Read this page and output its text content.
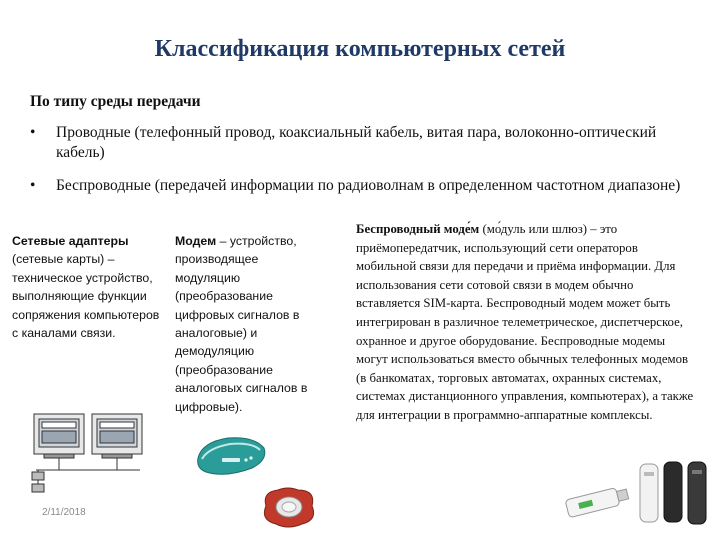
Классификация компьютерных сетей
По типу среды передачи
• Проводные (телефонный провод, коаксиальный кабель, витая пара, волоконно-оптический кабель)
• Беспроводные (передачей информации по радиоволнам в определенном частотном диапазоне)
Сетевые адаптеры (сетевые карты) – техническое устройство, выполняющие функции сопряжения компьютеров с каналами связи.
Модем – устройство, производящее модуляцию (преобразование цифровых сигналов в аналоговые) и демодуляцию (преобразование аналоговых сигналов в цифровые).
Беспроводный моде́м (мо́дуль или шлюз) – это приёмопередатчик, использующий сети операторов мобильной связи для передачи и приёма информации. Для использования сети сотовой связи в модем обычно вставляется SIM-карта. Беспроводный модем может быть интегрирован в различное телеметрическое, диспетчерское, охранное и другое оборудование. Беспроводные модемы могут использоваться вместо обычных телефонных модемов (в банкоматах, торговых автоматах, охранных системах, системах дистанционного управления, компьютерах), а также для интеграции в программно-аппаратные комплексы.
2/11/2018
